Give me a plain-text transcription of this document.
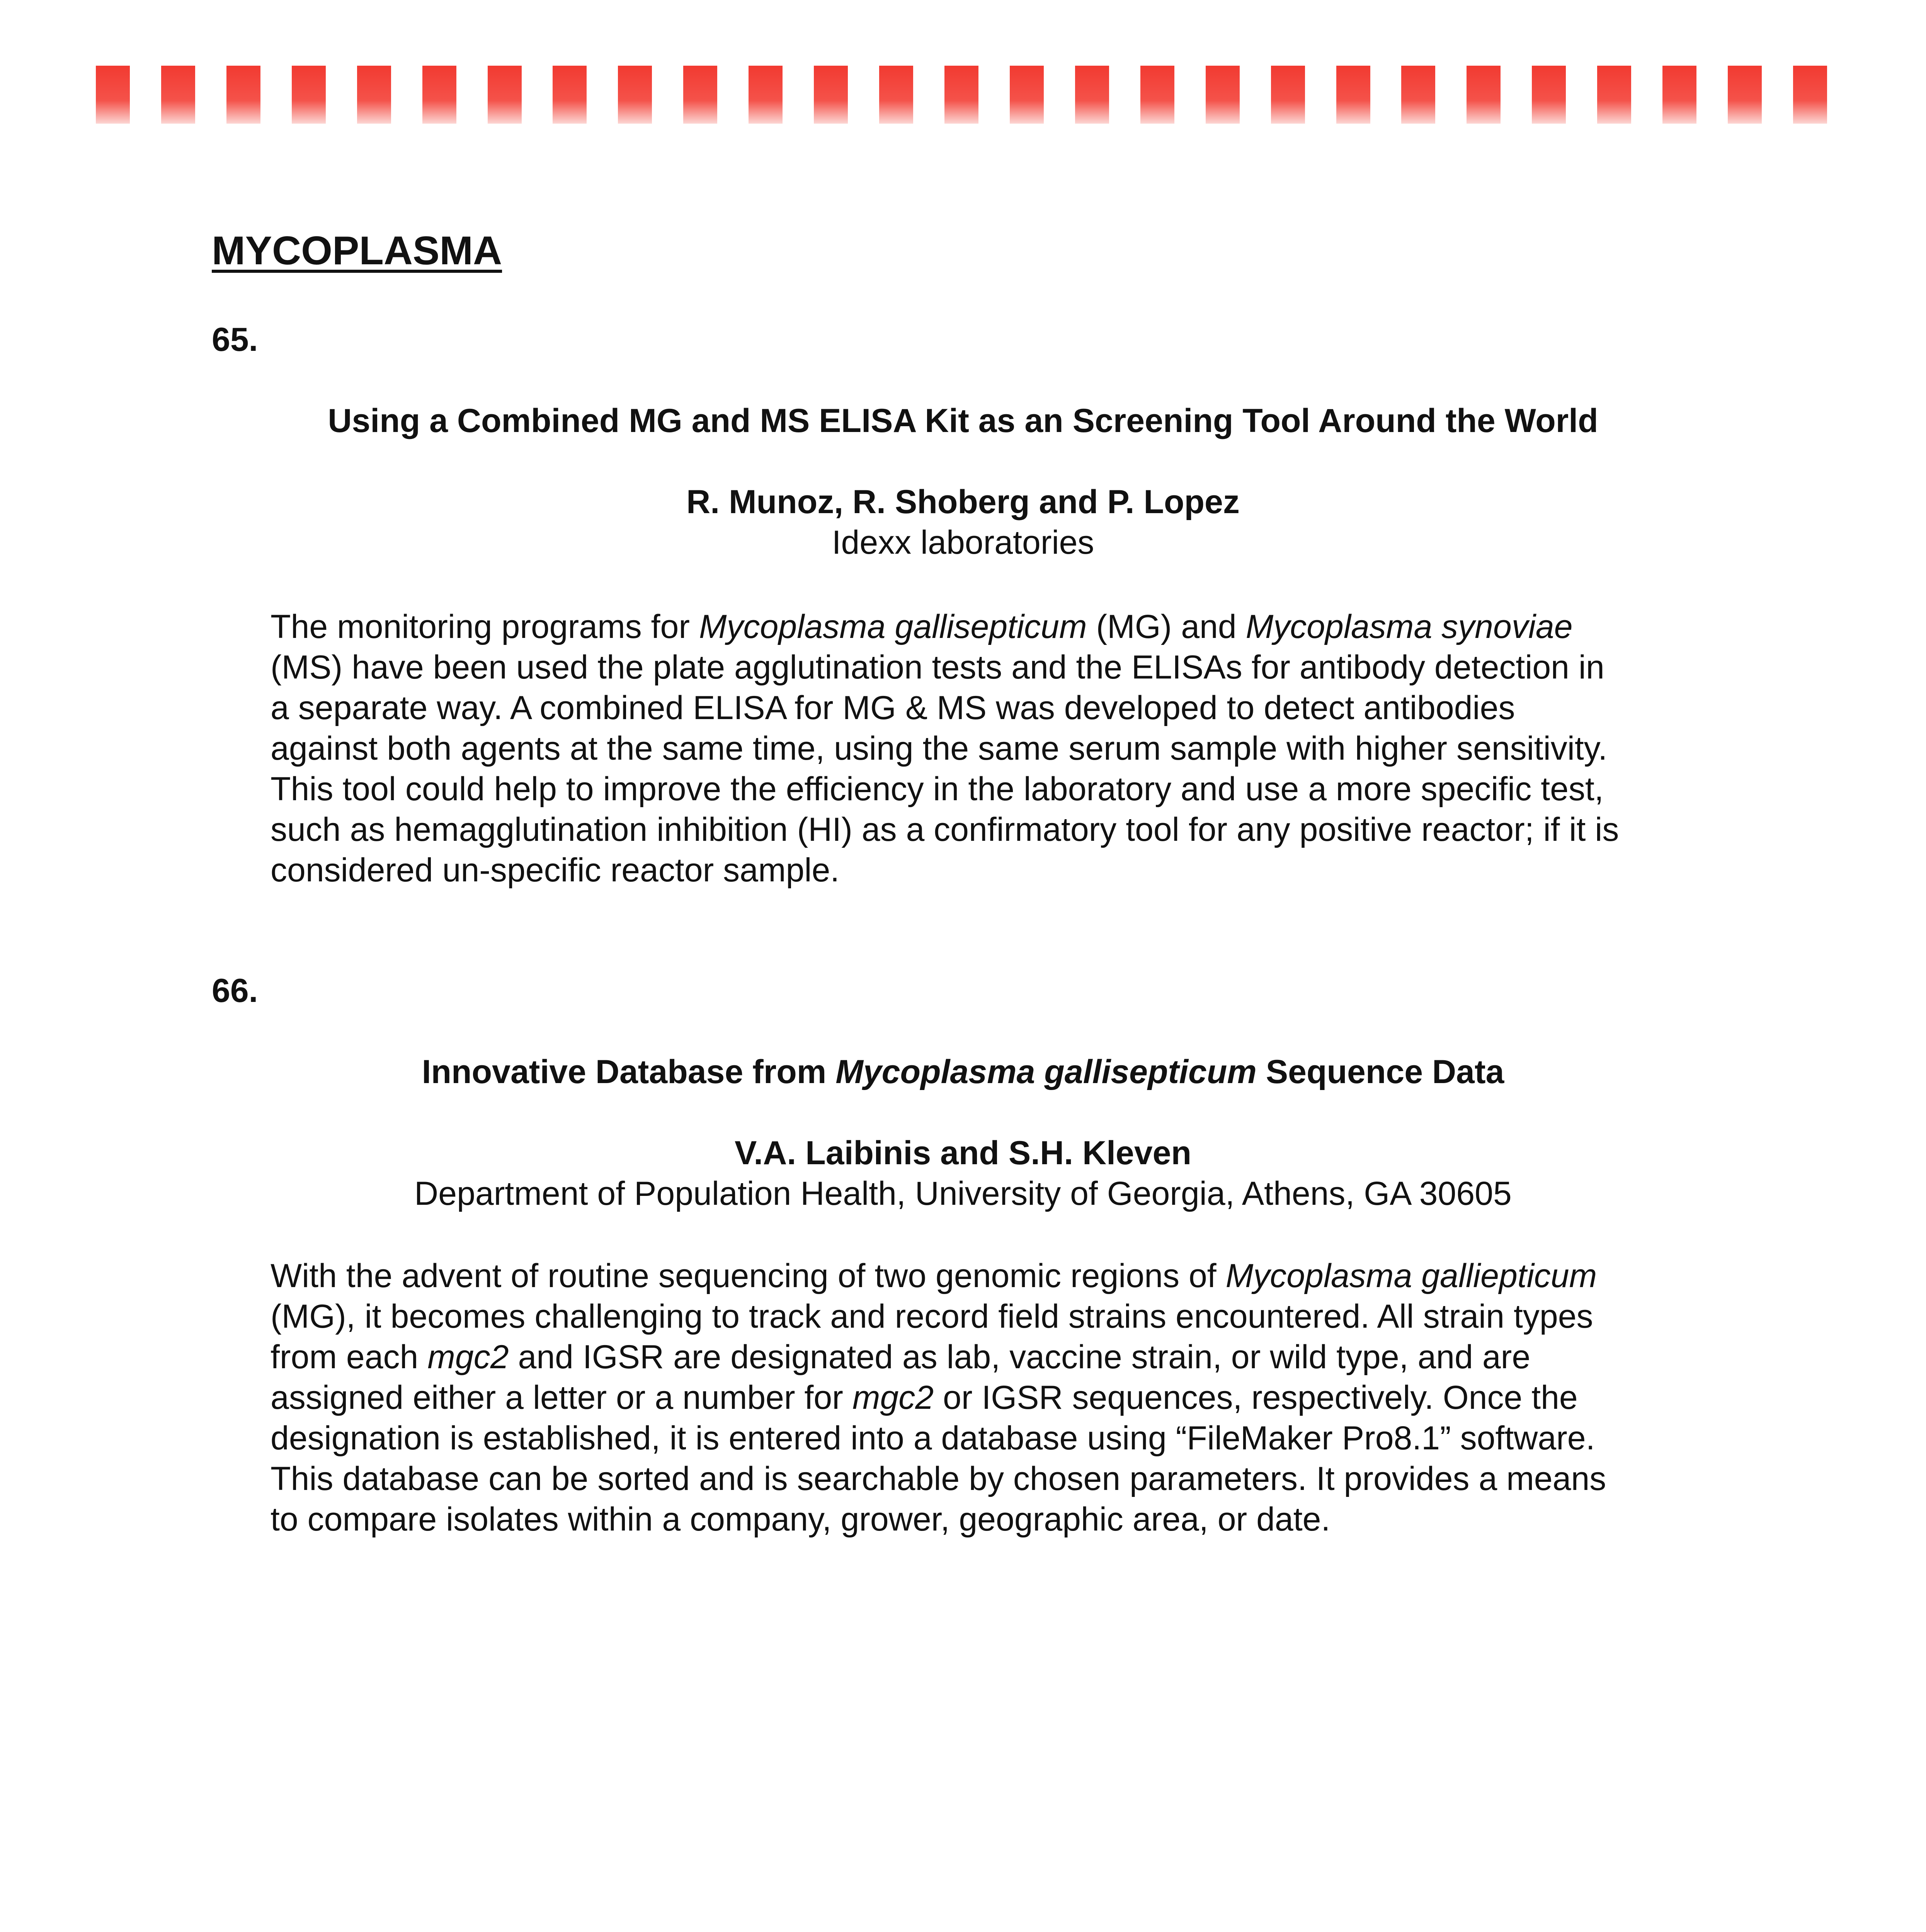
MYCOPLASMA
65.
Using a Combined MG and MS ELISA Kit as an Screening Tool Around the World
R. Munoz, R. Shoberg and P. Lopez
Idexx laboratories

The monitoring programs for Mycoplasma gallisepticum (MG) and Mycoplasma synoviae
(MS) have been used the plate agglutination tests and the ELISAs for antibody detection in
a separate way. A combined ELISA for MG & MS was developed to detect antibodies
against both agents at the same time, using the same serum sample with higher sensitivity.
This tool could help to improve the efficiency in the laboratory and use a more specific test,
such as hemagglutination inhibition (HI) as a confirmatory tool for any positive reactor; if it is
considered un-specific reactor sample.

66.
Innovative Database from Mycoplasma gallisepticum Sequence Data
V.A. Laibinis and S.H. Kleven
Department of Population Health, University of Georgia, Athens, GA 30605

With the advent of routine sequencing of two genomic regions of Mycoplasma galliepticum
(MG), it becomes challenging to track and record field strains encountered. All strain types
from each mgc2 and IGSR are designated as lab, vaccine strain, or wild type, and are
assigned either a letter or a number for mgc2 or IGSR sequences, respectively. Once the
designation is established, it is entered into a database using “FileMaker Pro8.1” software.
This database can be sorted and is searchable by chosen parameters. It provides a means
to compare isolates within a company, grower, geographic area, or date.
